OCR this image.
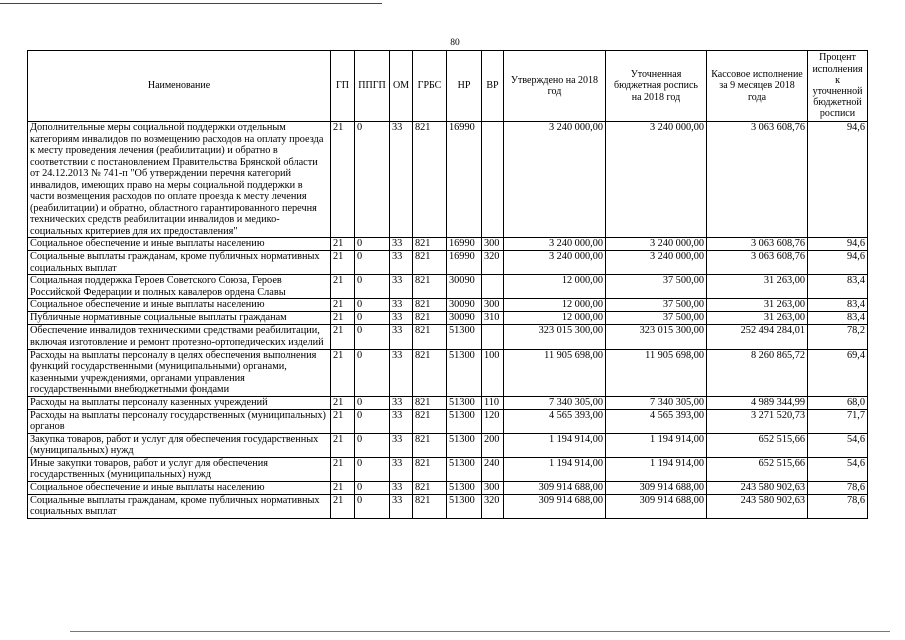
80
Наименование	ГП	ППГП	ОМ	ГРБС	НР	ВР	Утверждено на 2018 год	Уточненная бюджетная роспись на 2018 год	Кассовое исполнение за 9 месяцев 2018 года	Процент исполнения к уточненной бюджетной росписи
Дополнительные меры социальной поддержки отдельным категориям инвалидов по возмещению расходов на оплату проезда к месту проведения лечения (реабилитации) и обратно в соответствии с постановлением Правительства Брянской области от 24.12.2013 № 741-п "Об утверждении перечня категорий инвалидов, имеющих право на меры социальной поддержки в части возмещения расходов по оплате проезда к месту лечения (реабилитации) и обратно, областного гарантированного перечня технических средств реабилитации инвалидов и медико-социальных критериев для их предоставления"	21	0	33	821	16990		3 240 000,00	3 240 000,00	3 063 608,76	94,6
Социальное обеспечение и иные выплаты населению	21	0	33	821	16990	300	3 240 000,00	3 240 000,00	3 063 608,76	94,6
Социальные выплаты гражданам, кроме публичных нормативных социальных выплат	21	0	33	821	16990	320	3 240 000,00	3 240 000,00	3 063 608,76	94,6
Социальная поддержка Героев Советского Союза, Героев Российской Федерации и полных кавалеров ордена Славы	21	0	33	821	30090		12 000,00	37 500,00	31 263,00	83,4
Социальное обеспечение и иные выплаты населению	21	0	33	821	30090	300	12 000,00	37 500,00	31 263,00	83,4
Публичные нормативные социальные выплаты гражданам	21	0	33	821	30090	310	12 000,00	37 500,00	31 263,00	83,4
Обеспечение инвалидов техническими средствами реабилитации, включая изготовление и ремонт протезно-ортопедических изделий	21	0	33	821	51300		323 015 300,00	323 015 300,00	252 494 284,01	78,2
Расходы на выплаты персоналу в целях обеспечения выполнения функций государственными (муниципальными) органами, казенными учреждениями, органами управления государственными внебюджетными фондами	21	0	33	821	51300	100	11 905 698,00	11 905 698,00	8 260 865,72	69,4
Расходы на выплаты персоналу казенных учреждений	21	0	33	821	51300	110	7 340 305,00	7 340 305,00	4 989 344,99	68,0
Расходы на выплаты персоналу государственных (муниципальных) органов	21	0	33	821	51300	120	4 565 393,00	4 565 393,00	3 271 520,73	71,7
Закупка товаров, работ и услуг для обеспечения государственных (муниципальных) нужд	21	0	33	821	51300	200	1 194 914,00	1 194 914,00	652 515,66	54,6
Иные закупки товаров, работ и услуг для обеспечения государственных (муниципальных) нужд	21	0	33	821	51300	240	1 194 914,00	1 194 914,00	652 515,66	54,6
Социальное обеспечение и иные выплаты населению	21	0	33	821	51300	300	309 914 688,00	309 914 688,00	243 580 902,63	78,6
Социальные выплаты гражданам, кроме публичных нормативных социальных выплат	21	0	33	821	51300	320	309 914 688,00	309 914 688,00	243 580 902,63	78,6
